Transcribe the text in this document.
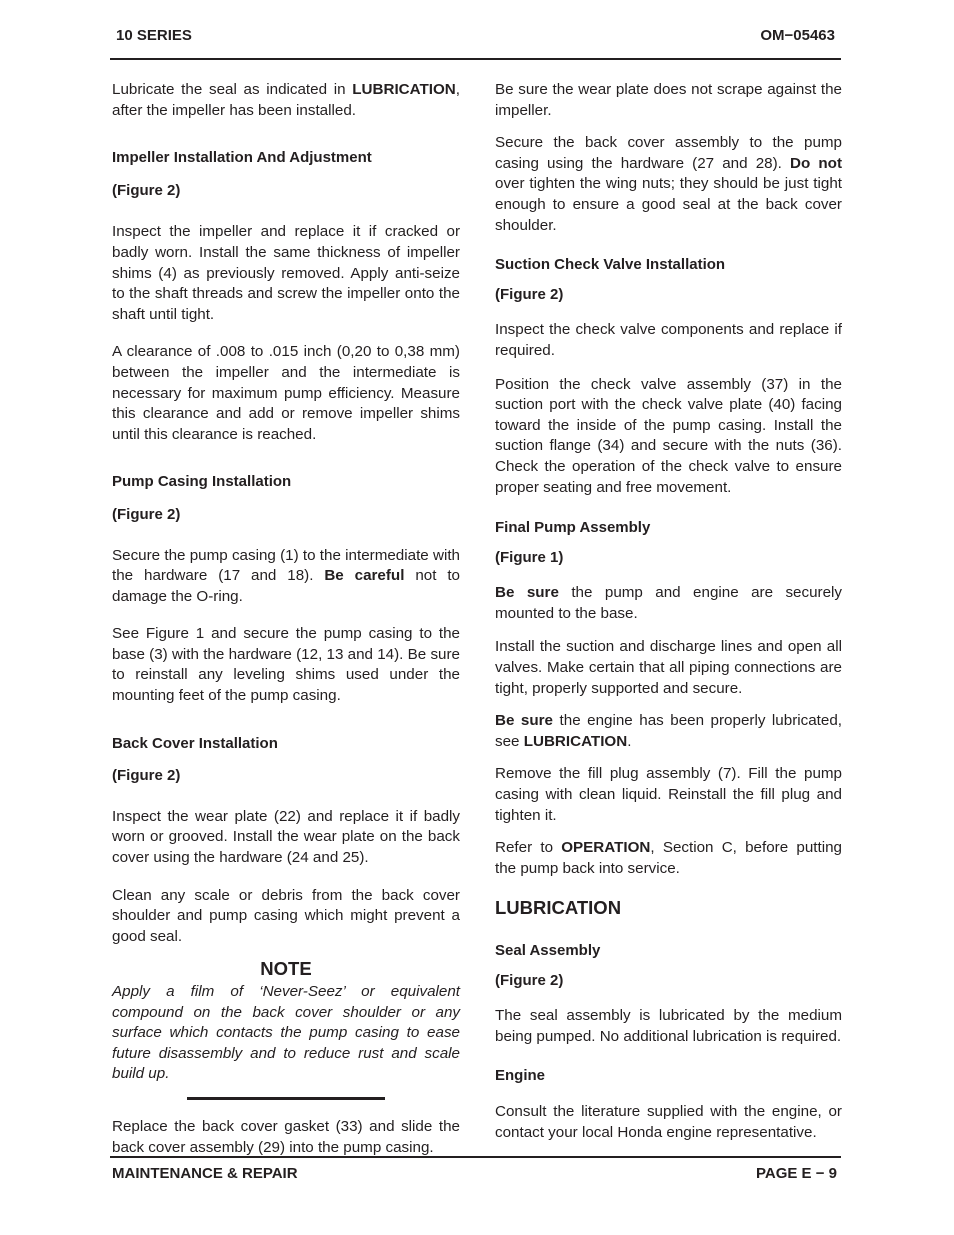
10 SERIES	OM−05463

Lubricate the seal as indicated in LUBRICATION, after the impeller has been installed.

Impeller Installation And Adjustment
(Figure 2)

Inspect the impeller and replace it if cracked or badly worn. Install the same thickness of impeller shims (4) as previously removed. Apply anti-seize to the shaft threads and screw the impeller onto the shaft until tight.

A clearance of .008 to .015 inch (0,20 to 0,38 mm) between the impeller and the intermediate is necessary for maximum pump efficiency. Measure this clearance and add or remove impeller shims until this clearance is reached.

Pump Casing Installation
(Figure 2)

Secure the pump casing (1) to the intermediate with the hardware (17 and 18). Be careful not to damage the O-ring.

See Figure 1 and secure the pump casing to the base (3) with the hardware (12, 13 and 14). Be sure to reinstall any leveling shims used under the mounting feet of the pump casing.

Back Cover Installation
(Figure 2)

Inspect the wear plate (22) and replace it if badly worn or grooved. Install the wear plate on the back cover using the hardware (24 and 25).

Clean any scale or debris from the back cover shoulder and pump casing which might prevent a good seal.

NOTE

Apply a film of ‘Never-Seez’ or equivalent compound on the back cover shoulder or any surface which contacts the pump casing to ease future disassembly and to reduce rust and scale build up.

Replace the back cover gasket (33) and slide the back cover assembly (29) into the pump casing.

Be sure the wear plate does not scrape against the impeller.

Secure the back cover assembly to the pump casing using the hardware (27 and 28). Do not over tighten the wing nuts; they should be just tight enough to ensure a good seal at the back cover shoulder.

Suction Check Valve Installation
(Figure 2)

Inspect the check valve components and replace if required.

Position the check valve assembly (37) in the suction port with the check valve plate (40) facing toward the inside of the pump casing. Install the suction flange (34) and secure with the nuts (36). Check the operation of the check valve to ensure proper seating and free movement.

Final Pump Assembly
(Figure 1)

Be sure the pump and engine are securely mounted to the base.

Install the suction and discharge lines and open all valves. Make certain that all piping connections are tight, properly supported and secure.

Be sure the engine has been properly lubricated, see LUBRICATION.

Remove the fill plug assembly (7). Fill the pump casing with clean liquid. Reinstall the fill plug and tighten it.

Refer to OPERATION, Section C, before putting the pump back into service.

LUBRICATION
Seal Assembly
(Figure 2)

The seal assembly is lubricated by the medium being pumped. No additional lubrication is required.

Engine

Consult the literature supplied with the engine, or contact your local Honda engine representative.

MAINTENANCE & REPAIR	PAGE E − 9
